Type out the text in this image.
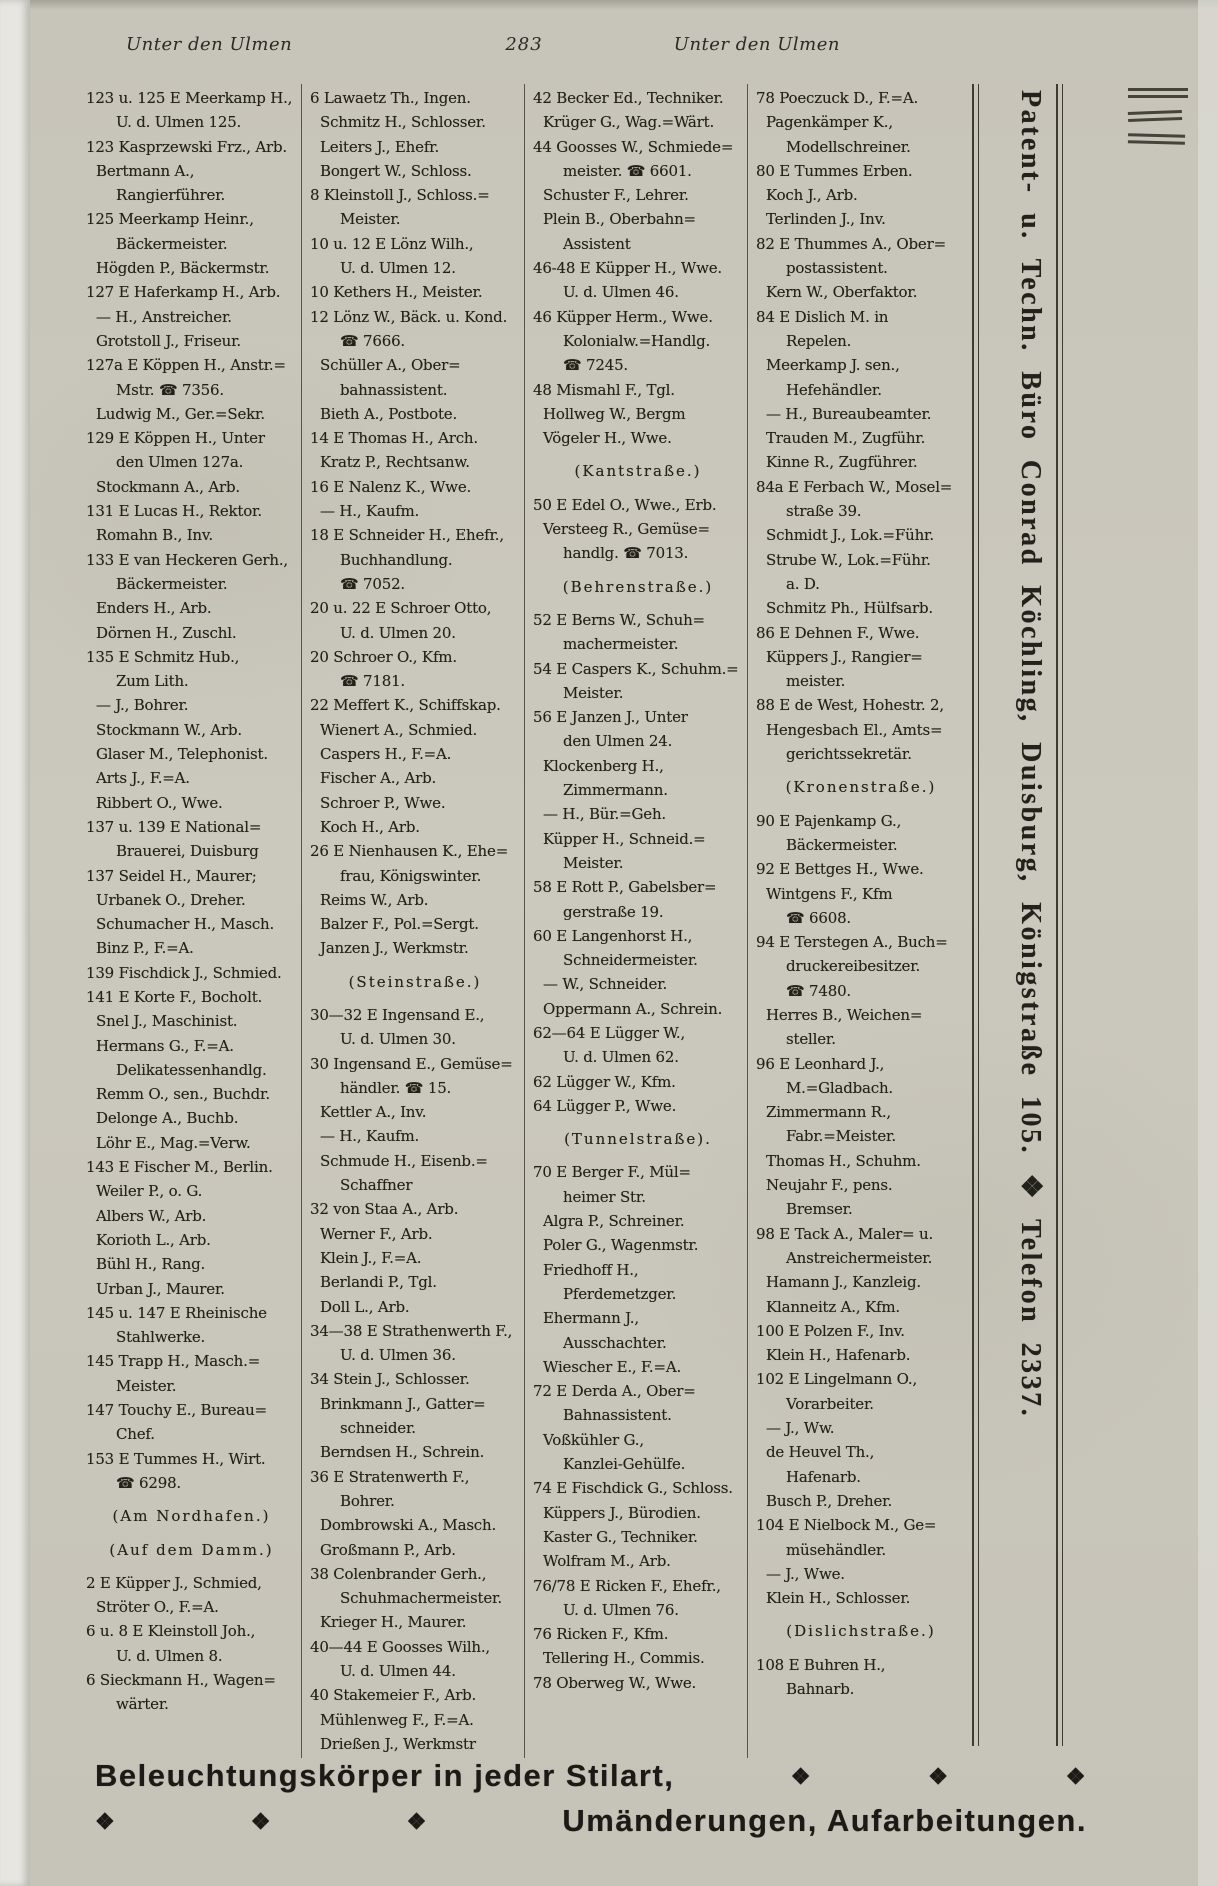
Unter den Ulmen	283	Unter den Ulmen
123 u. 125 E Meerkamp H.,
U. d. Ulmen 125.
123 Kasprzewski Frz., Arb.
Bertmann A.,
Rangierführer.
125 Meerkamp Heinr.,
Bäckermeister.
Högden P., Bäckermstr.
127 E Haferkamp H., Arb.
— H., Anstreicher.
Grotstoll J., Friseur.
127a E Köppen H., Anstr.=
Mstr. ☎ 7356.
Ludwig M., Ger.=Sekr.
129 E Köppen H., Unter
den Ulmen 127a.
Stockmann A., Arb.
131 E Lucas H., Rektor.
Romahn B., Inv.
133 E van Heckeren Gerh.,
Bäckermeister.
Enders H., Arb.
Dörnen H., Zuschl.
135 E Schmitz Hub.,
Zum Lith.
— J., Bohrer.
Stockmann W., Arb.
Glaser M., Telephonist.
Arts J., F.=A.
Ribbert O., Wwe.
137 u. 139 E National=
Brauerei, Duisburg
137 Seidel H., Maurer;
Urbanek O., Dreher.
Schumacher H., Masch.
Binz P., F.=A.
139 Fischdick J., Schmied.
141 E Korte F., Bocholt.
Snel J., Maschinist.
Hermans G., F.=A.
Delikatessenhandlg.
Remm O., sen., Buchdr.
Delonge A., Buchb.
Löhr E., Mag.=Verw.
143 E Fischer M., Berlin.
Weiler P., o. G.
Albers W., Arb.
Korioth L., Arb.
Bühl H., Rang.
Urban J., Maurer.
145 u. 147 E Rheinische
Stahlwerke.
145 Trapp H., Masch.=
Meister.
147 Touchy E., Bureau=
Chef.
153 E Tummes H., Wirt.
☎ 6298.
(Am Nordhafen.)
(Auf dem Damm.)
2 E Küpper J., Schmied,
Ströter O., F.=A.
6 u. 8 E Kleinstoll Joh.,
U. d. Ulmen 8.
6 Sieckmann H., Wagen=
wärter.
6 Lawaetz Th., Ingen.
Schmitz H., Schlosser.
Leiters J., Ehefr.
Bongert W., Schloss.
8 Kleinstoll J., Schloss.=
Meister.
10 u. 12 E Lönz Wilh.,
U. d. Ulmen 12.
10 Kethers H., Meister.
12 Lönz W., Bäck. u. Kond.
☎ 7666.
Schüller A., Ober=
bahnassistent.
Bieth A., Postbote.
14 E Thomas H., Arch.
Kratz P., Rechtsanw.
16 E Nalenz K., Wwe.
— H., Kaufm.
18 E Schneider H., Ehefr.,
Buchhandlung.
☎ 7052.
20 u. 22 E Schroer Otto,
U. d. Ulmen 20.
20 Schroer O., Kfm.
☎ 7181.
22 Meffert K., Schiffskap.
Wienert A., Schmied.
Caspers H., F.=A.
Fischer A., Arb.
Schroer P., Wwe.
Koch H., Arb.
26 E Nienhausen K., Ehe=
frau, Königswinter.
Reims W., Arb.
Balzer F., Pol.=Sergt.
Janzen J., Werkmstr.
(Steinstraße.)
30—32 E Ingensand E.,
U. d. Ulmen 30.
30 Ingensand E., Gemüse=
händler. ☎ 15.
Kettler A., Inv.
— H., Kaufm.
Schmude H., Eisenb.=
Schaffner
32 von Staa A., Arb.
Werner F., Arb.
Klein J., F.=A.
Berlandi P., Tgl.
Doll L., Arb.
34—38 E Strathenwerth F.,
U. d. Ulmen 36.
34 Stein J., Schlosser.
Brinkmann J., Gatter=
schneider.
Berndsen H., Schrein.
36 E Stratenwerth F.,
Bohrer.
Dombrowski A., Masch.
Großmann P., Arb.
38 Colenbrander Gerh.,
Schuhmachermeister.
Krieger H., Maurer.
40—44 E Goosses Wilh.,
U. d. Ulmen 44.
40 Stakemeier F., Arb.
Mühlenweg F., F.=A.
Drießen J., Werkmstr
42 Becker Ed., Techniker.
Krüger G., Wag.=Wärt.
44 Goosses W., Schmiede=
meister. ☎ 6601.
Schuster F., Lehrer.
Plein B., Oberbahn=
Assistent
46-48 E Küpper H., Wwe.
U. d. Ulmen 46.
46 Küpper Herm., Wwe.
Kolonialw.=Handlg.
☎ 7245.
48 Mismahl F., Tgl.
Hollweg W., Bergm
Vögeler H., Wwe.
(Kantstraße.)
50 E Edel O., Wwe., Erb.
Versteeg R., Gemüse=
handlg. ☎ 7013.
(Behrenstraße.)
52 E Berns W., Schuh=
machermeister.
54 E Caspers K., Schuhm.=
Meister.
56 E Janzen J., Unter
den Ulmen 24.
Klockenberg H.,
Zimmermann.
— H., Bür.=Geh.
Küpper H., Schneid.=
Meister.
58 E Rott P., Gabelsber=
gerstraße 19.
60 E Langenhorst H.,
Schneidermeister.
— W., Schneider.
Oppermann A., Schrein.
62—64 E Lügger W.,
U. d. Ulmen 62.
62 Lügger W., Kfm.
64 Lügger P., Wwe.
(Tunnelstraße).
70 E Berger F., Mül=
heimer Str.
Algra P., Schreiner.
Poler G., Wagenmstr.
Friedhoff H.,
Pferdemetzger.
Ehermann J.,
Ausschachter.
Wiescher E., F.=A.
72 E Derda A., Ober=
Bahnassistent.
Voßkühler G.,
Kanzlei-Gehülfe.
74 E Fischdick G., Schloss.
Küppers J., Bürodien.
Kaster G., Techniker.
Wolfram M., Arb.
76/78 E Ricken F., Ehefr.,
U. d. Ulmen 76.
76 Ricken F., Kfm.
Tellering H., Commis.
78 Oberweg W., Wwe.
78 Poeczuck D., F.=A.
Pagenkämper K.,
Modellschreiner.
80 E Tummes Erben.
Koch J., Arb.
Terlinden J., Inv.
82 E Thummes A., Ober=
postassistent.
Kern W., Oberfaktor.
84 E Dislich M. in
Repelen.
Meerkamp J. sen.,
Hefehändler.
— H., Bureaubeamter.
Trauden M., Zugführ.
Kinne R., Zugführer.
84a E Ferbach W., Mosel=
straße 39.
Schmidt J., Lok.=Führ.
Strube W., Lok.=Führ.
a. D.
Schmitz Ph., Hülfsarb.
86 E Dehnen F., Wwe.
Küppers J., Rangier=
meister.
88 E de West, Hohestr. 2,
Hengesbach El., Amts=
gerichtssekretär.
(Kronenstraße.)
90 E Pajenkamp G.,
Bäckermeister.
92 E Bettges H., Wwe.
Wintgens F., Kfm
☎ 6608.
94 E Terstegen A., Buch=
druckereibesitzer.
☎ 7480.
Herres B., Weichen=
steller.
96 E Leonhard J.,
M.=Gladbach.
Zimmermann R.,
Fabr.=Meister.
Thomas H., Schuhm.
Neujahr F., pens.
Bremser.
98 E Tack A., Maler= u.
Anstreichermeister.
Hamann J., Kanzleig.
Klanneitz A., Kfm.
100 E Polzen F., Inv.
Klein H., Hafenarb.
102 E Lingelmann O.,
Vorarbeiter.
— J., Ww.
de Heuvel Th.,
Hafenarb.
Busch P., Dreher.
104 E Nielbock M., Ge=
müsehändler.
— J., Wwe.
Klein H., Schlosser.
(Dislichstraße.)
108 E Buhren H.,
Bahnarb.
Patent- u. Techn. Büro Conrad Köchling, Duisburg, Königstraße 105. ❖ Telefon 2337.
Beleuchtungskörper in jeder Stilart,	❖	❖	❖
❖	❖	❖	Umänderungen, Aufarbeitungen.
